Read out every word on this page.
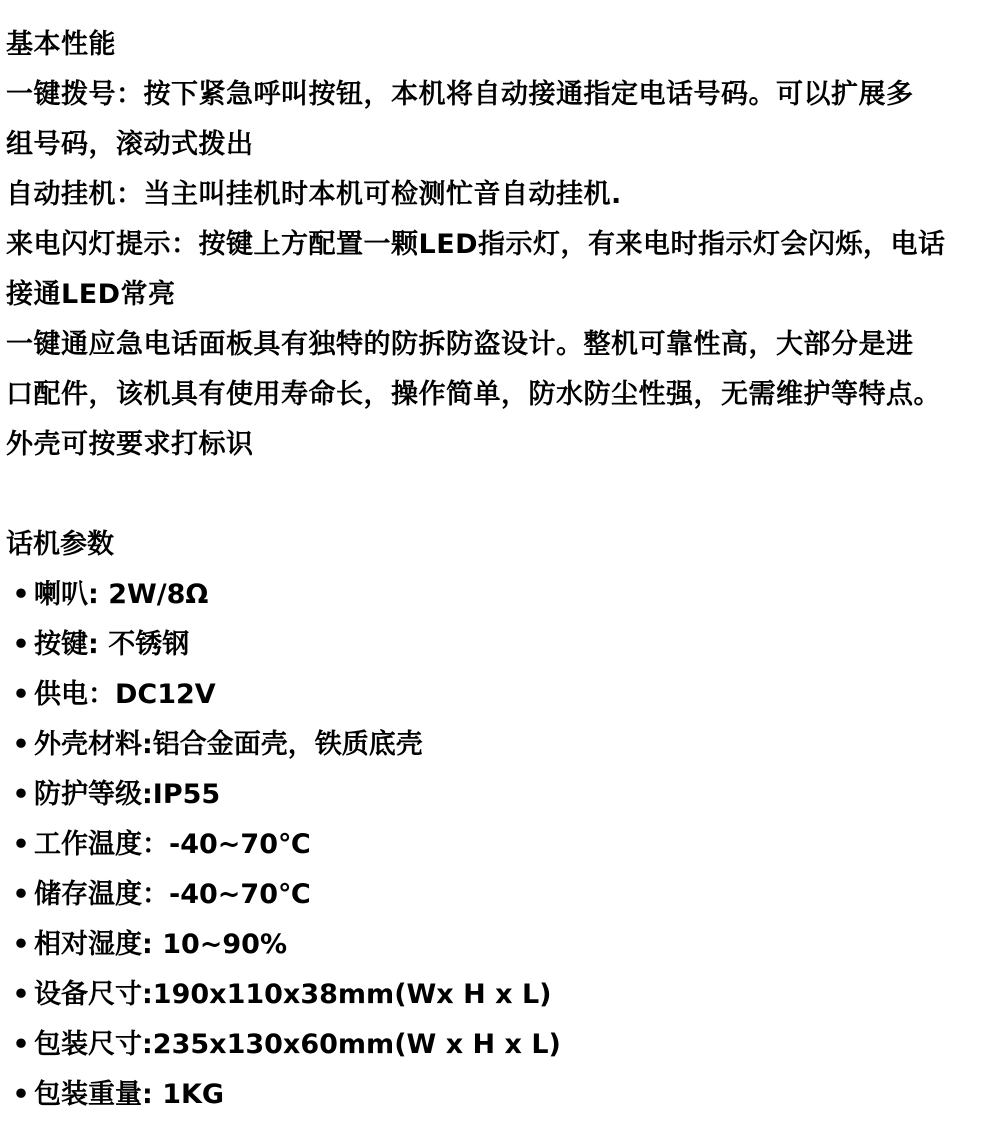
基本性能
一键拨号：按下紧急呼叫按钮，本机将自动接通指定电话号码。可以扩展多
组号码，滚动式拨出
自动挂机：当主叫挂机时本机可检测忙音自动挂机.
来电闪灯提示：按键上方配置一颗LED指示灯，有来电时指示灯会闪烁，电话
接通LED常亮
一键通应急电话面板具有独特的防拆防盗设计。整机可靠性高，大部分是进
口配件，该机具有使用寿命长，操作简单，防水防尘性强，无需维护等特点。
外壳可按要求打标识
话机参数
• 喇叭: 2W/8Ω
• 按键: 不锈钢
• 供电：DC12V
• 外壳材料:铝合金面壳，铁质底壳
• 防护等级:IP55
• 工作温度：-40~70℃
• 储存温度：-40~70℃
• 相对湿度: 10~90%
• 设备尺寸:190x110x38mm(Wx H x L)
• 包装尺寸:235x130x60mm(W x H x L)
• 包装重量: 1KG
